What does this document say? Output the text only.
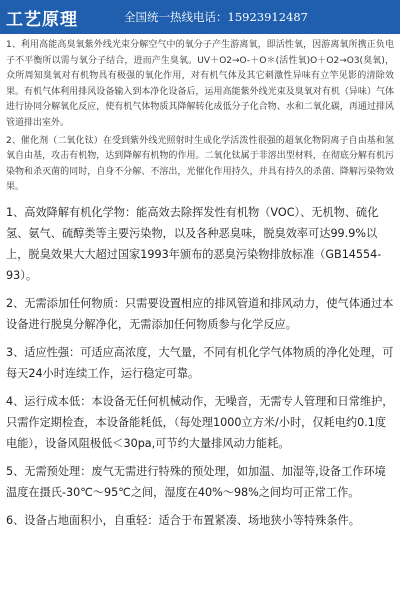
工艺原理	全国统一热线电话：15923912487

1、利用高能高臭氧紫外线光束分解空气中的氧分子产生游离氧，即活性氧，因游离氧所携正负电子不平衡所以需与氧分子结合，进而产生臭氧。UV＋O2→O-＋O＊(活性氧)O＋O2→O3(臭氧)，众所周知臭氧对有机物具有极强的氧化作用，对有机气体及其它刺激性异味有立竿见影的清除效果。有机气体利用排风设备输入到本净化设备后，运用高能紫外线光束及臭氧对有机（异味）气体进行协同分解氧化反应，使有机气体物质其降解转化成低分子化合物、水和二氧化碳，再通过排风管道排出室外。

2、催化剂（二氧化钛）在受到紫外线光照射时生成化学活泼性很强的超氧化物阴离子自由基和氢氧自由基，攻击有机物，达到降解有机物的作用。二氧化钛属于非溶出型材料，在彻底分解有机污染物和杀灭菌的同时，自身不分解、不溶出，光催化作用持久，并具有持久的杀菌、降解污染物效果。

1、高效降解有机化学物：能高效去除挥发性有机物（VOC）、无机物、硫化氢、氨气、硫醇类等主要污染物，以及各种恶臭味，脱臭效率可达99.9%以上，脱臭效果大大超过国家1993年颁布的恶臭污染物排放标准（GB14554-93）。

2、无需添加任何物质：只需要设置相应的排风管道和排风动力，使气体通过本设备进行脱臭分解净化，无需添加任何物质参与化学反应。

3、适应性强：可适应高浓度，大气量，不同有机化学气体物质的净化处理，可每天24小时连续工作，运行稳定可靠。

4、运行成本低：本设备无任何机械动作，无噪音，无需专人管理和日常维护，只需作定期检查，本设备能耗低，（每处理1000立方米/小时，仅耗电约0.1度电能），设备风阻极低＜30pa,可节约大量排风动力能耗。

5、无需预处理：废气无需进行特殊的预处理，如加温、加湿等,设备工作环境温度在摄氏-30℃～95℃之间，湿度在40%～98%之间均可正常工作。

6、设备占地面积小，自重轻：适合于布置紧凑、场地狭小等特殊条件。
